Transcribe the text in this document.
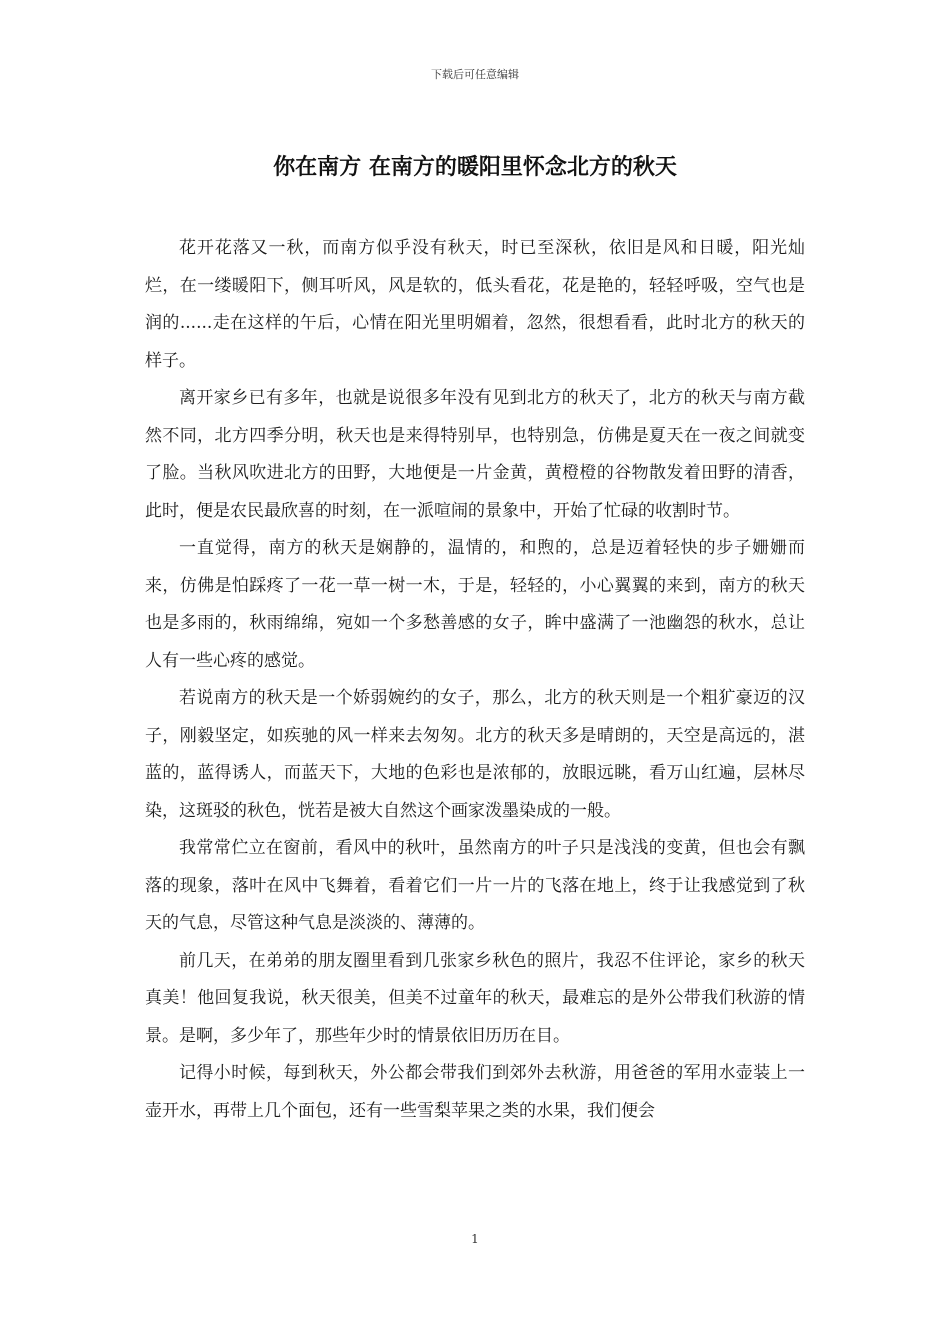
下载后可任意编辑
你在南方 在南方的暖阳里怀念北方的秋天

花开花落又一秋，而南方似乎没有秋天，时已至深秋，依旧是风和日暖，阳光灿烂，在一缕暖阳下，侧耳听风，风是软的，低头看花，花是艳的，轻轻呼吸，空气也是润的......走在这样的午后，心情在阳光里明媚着，忽然，很想看看，此时北方的秋天的样子。

离开家乡已有多年，也就是说很多年没有见到北方的秋天了，北方的秋天与南方截然不同，北方四季分明，秋天也是来得特别早，也特别急，仿佛是夏天在一夜之间就变了脸。当秋风吹进北方的田野，大地便是一片金黄，黄橙橙的谷物散发着田野的清香，此时，便是农民最欣喜的时刻，在一派喧闹的景象中，开始了忙碌的收割时节。

一直觉得，南方的秋天是娴静的，温情的，和煦的，总是迈着轻快的步子姗姗而来，仿佛是怕踩疼了一花一草一树一木，于是，轻轻的，小心翼翼的来到，南方的秋天也是多雨的，秋雨绵绵，宛如一个多愁善感的女子，眸中盛满了一池幽怨的秋水，总让人有一些心疼的感觉。

若说南方的秋天是一个娇弱婉约的女子，那么，北方的秋天则是一个粗犷豪迈的汉子，刚毅坚定，如疾驰的风一样来去匆匆。北方的秋天多是晴朗的，天空是高远的，湛蓝的，蓝得诱人，而蓝天下，大地的色彩也是浓郁的，放眼远眺，看万山红遍，层林尽染，这斑驳的秋色，恍若是被大自然这个画家泼墨染成的一般。

我常常伫立在窗前，看风中的秋叶，虽然南方的叶子只是浅浅的变黄，但也会有飘落的现象，落叶在风中飞舞着，看着它们一片一片的飞落在地上，终于让我感觉到了秋天的气息，尽管这种气息是淡淡的、薄薄的。

前几天，在弟弟的朋友圈里看到几张家乡秋色的照片，我忍不住评论，家乡的秋天真美！他回复我说，秋天很美，但美不过童年的秋天，最难忘的是外公带我们秋游的情景。是啊，多少年了，那些年少时的情景依旧历历在目。

记得小时候，每到秋天，外公都会带我们到郊外去秋游，用爸爸的军用水壶装上一壶开水，再带上几个面包，还有一些雪梨苹果之类的水果，我们便会

1
